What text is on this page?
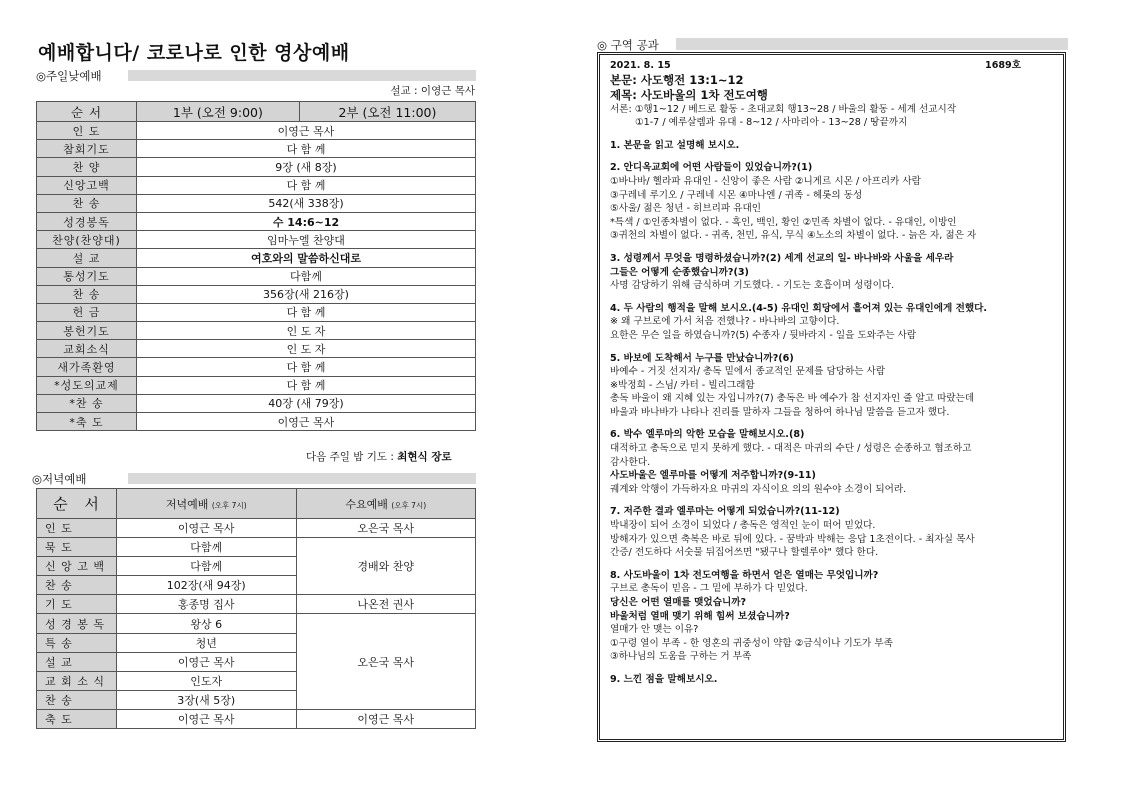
예배합니다/ 코로나로 인한 영상예배
◎주일낮예배
설교 : 이영근 목사
순 서	1부 (오전 9:00)	2부 (오전 11:00)
인 도	이영근 목사	
참회기도	다 함 께	
찬 양	9장 (새 8장)	
신앙고백	다 함 께	
찬 송	542(새 338장)	
성경봉독	수 14:6~12	
찬양(찬양대)	임마누엘 찬양대	
설 교	여호와의 말씀하신대로	
통성기도	다함께	
찬 송	356장(새 216장)	
헌 금	다 함 께	
봉헌기도	인 도 자	
교회소식	인 도 자	
새가족환영	다 함 께	
*성도의교제	다 함 께	
*찬 송	40장 (새 79장)	
*축 도	이영근 목사	
다음 주일 밤 기도 : 최현식 장로
◎저녁예배
순 서	저녁예배 (오후 7시)	수요예배 (오후 7시)
인 도	이영근 목사	오은국 목사
묵 도	다함께	경배와 찬양
신 앙 고 백	다함께	
찬 송	102장(새 94장)	
기 도	홍종명 집사	나온전 권사
성 경 봉 독	왕상 6	오은국 목사
특 송	청년	
설 교	이영근 목사	
교 회 소 식	인도자	
찬 송	3장(새 5장)	
축 도	이영근 목사	이영근 목사
◎ 구역 공과
2021. 8. 15	1689호
본문: 사도행전 13:1~12
제목: 사도바울의 1차 전도여행
서론: ①행1~12 / 베드로 활동 - 초대교회 행13~28 / 바울의 활동 - 세계 선교시작
①1-7 / 예루살렘과 유대 - 8~12 / 사마리아 - 13~28 / 땅끝까지
1. 본문을 읽고 설명해 보시오.
2. 안디옥교회에 어떤 사람들이 있었습니까?(1)
①바나바/ 헬라파 유대인 - 신앙이 좋은 사람 ②니게르 시몬 / 아프리카 사람
③구레네 루기오 / 구레네 시몬 ④마나엔 / 귀족 - 헤롯의 동성
⑤사울/ 젊은 청년 - 히브리파 유대인
*특색 / ①인종차별이 없다. - 흑인, 백인, 황인 ②민족 차별이 없다. - 유대인, 이방인
③귀천의 차별이 없다. - 귀족, 천민, 유식, 무식 ④노소의 차별이 없다. - 늙은 자, 젊은 자
3. 성령께서 무엇을 명령하셨습니까?(2) 세계 선교의 일- 바나바와 사울을 세우라
그들은 어떻게 순종했습니까?(3)
사명 감당하기 위해 금식하며 기도했다. - 기도는 호흡이며 성령이다.
4. 두 사람의 행적을 말해 보시오.(4-5) 유대인 회당에서 흩어져 있는 유대인에게 전했다.
※ 왜 구브로에 가서 처음 전했나? - 바나바의 고향이다.
요한은 무슨 일을 하였습니까?(5) 수종자 / 뒷바라지 - 일을 도와주는 사람
5. 바보에 도착해서 누구를 만났습니까?(6)
바예수 - 거짓 선지자/ 총독 밑에서 종교적인 문제를 담당하는 사람
※박정희 - 스님/ 카터 - 빌리그래함
총독 바울이 왜 지혜 있는 자입니까?(7) 총독은 바 예수가 참 선지자인 줄 알고 따랐는데
바울과 바나바가 나타나 진리를 말하자 그들을 청하여 하나님 말씀을 듣고자 했다.
6. 박수 엘루마의 악한 모습을 말해보시오.(8)
대적하고 총독으로 믿지 못하게 했다. - 대적은 마귀의 수단 / 성령은 순종하고 협조하고
감사한다.
사도바울은 엘루마를 어떻게 저주합니까?(9-11)
궤계와 악행이 가득하자요 마귀의 자식이요 의의 원수야 소경이 되어라.
7. 저주한 결과 엘루마는 어떻게 되었습니까?(11-12)
박내장이 되어 소경이 되었다 / 총독은 영적인 눈이 떠어 믿었다.
방해자가 있으면 축복은 바로 뒤에 있다. - 꿈박과 박해는 응답 1초전이다. - 최자실 목사
간증/ 전도하다 서숫물 뒤집어쓰면 "됐구나 할렐루야" 했다 한다.
8. 사도바울이 1차 전도여행을 하면서 얻은 열매는 무엇입니까?
구브로 총독이 믿음 - 그 밑에 부하가 다 믿었다.
당신은 어떤 열매를 맺었습니까?
바울처럼 열매 맺기 위해 힘써 보셨습니까?
열매가 안 맺는 이유?
①구령 열이 부족 - 한 영혼의 귀중성이 약함 ②금식이나 기도가 부족
③하나님의 도움을 구하는 거 부족
9. 느낀 점을 말해보시오.
